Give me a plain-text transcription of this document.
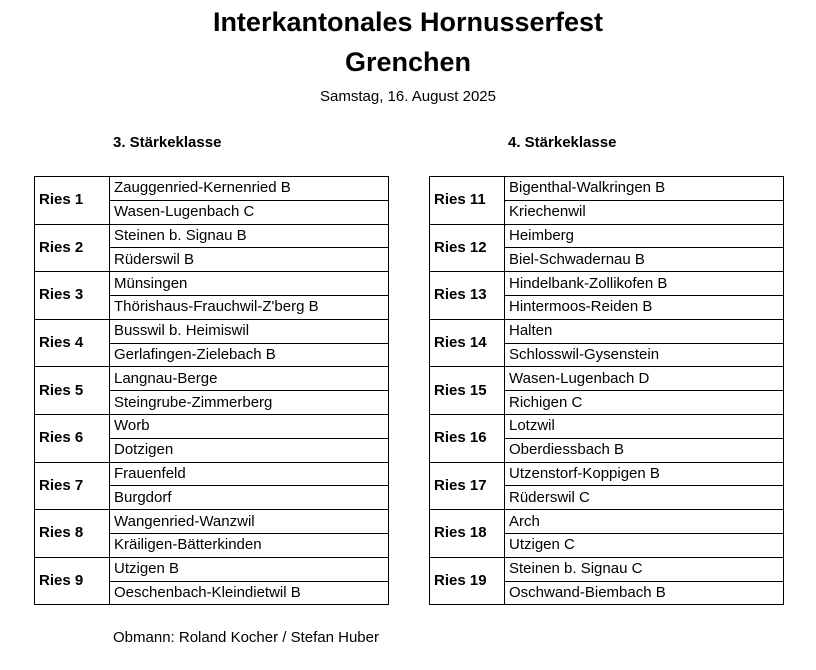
Interkantonales Hornusserfest
Grenchen
Samstag, 16. August 2025
3. Stärkeklasse	4. Stärkeklasse
Ries 1	Zauggenried-Kernenried B
	Wasen-Lugenbach C
Ries 2	Steinen b. Signau B
	Rüderswil B
Ries 3	Münsingen
	Thörishaus-Frauchwil-Z'berg B
Ries 4	Busswil b. Heimiswil
	Gerlafingen-Zielebach B
Ries 5	Langnau-Berge
	Steingrube-Zimmerberg
Ries 6	Worb
	Dotzigen
Ries 7	Frauenfeld
	Burgdorf
Ries 8	Wangenried-Wanzwil
	Kräiligen-Bätterkinden
Ries 9	Utzigen B
	Oeschenbach-Kleindietwil B
Ries 11	Bigenthal-Walkringen B
	Kriechenwil
Ries 12	Heimberg
	Biel-Schwadernau B
Ries 13	Hindelbank-Zollikofen B
	Hintermoos-Reiden B
Ries 14	Halten
	Schlosswil-Gysenstein
Ries 15	Wasen-Lugenbach D
	Richigen C
Ries 16	Lotzwil
	Oberdiessbach B
Ries 17	Utzenstorf-Koppigen B
	Rüderswil C
Ries 18	Arch
	Utzigen C
Ries 19	Steinen b. Signau C
	Oschwand-Biembach B
Obmann: Roland Kocher / Stefan Huber
